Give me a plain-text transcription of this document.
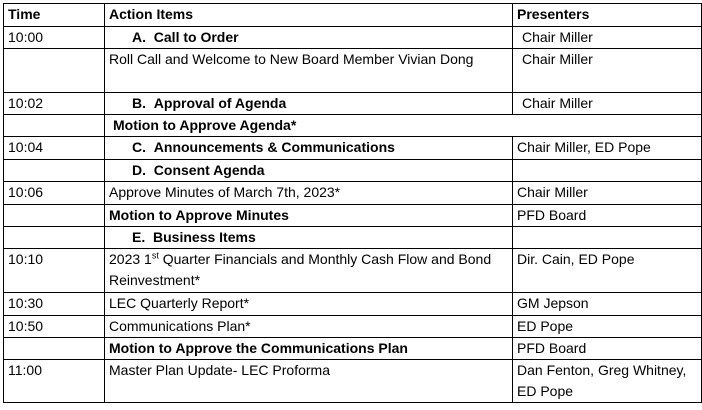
Time	Action Items	Presenters
10:00	A. Call to Order	Chair Miller
	Roll Call and Welcome to New Board Member Vivian Dong	Chair Miller
10:02	B. Approval of Agenda	Chair Miller
	Motion to Approve Agenda*	
10:04	C. Announcements & Communications	Chair Miller, ED Pope
	D. Consent Agenda	
10:06	Approve Minutes of March 7th, 2023*	Chair Miller
	Motion to Approve Minutes	PFD Board
	E. Business Items	
10:10	2023 1st Quarter Financials and Monthly Cash Flow and Bond Reinvestment*	Dir. Cain, ED Pope
10:30	LEC Quarterly Report*	GM Jepson
10:50	Communications Plan*	ED Pope
	Motion to Approve the Communications Plan	PFD Board
11:00	Master Plan Update- LEC Proforma	Dan Fenton, Greg Whitney, ED Pope
